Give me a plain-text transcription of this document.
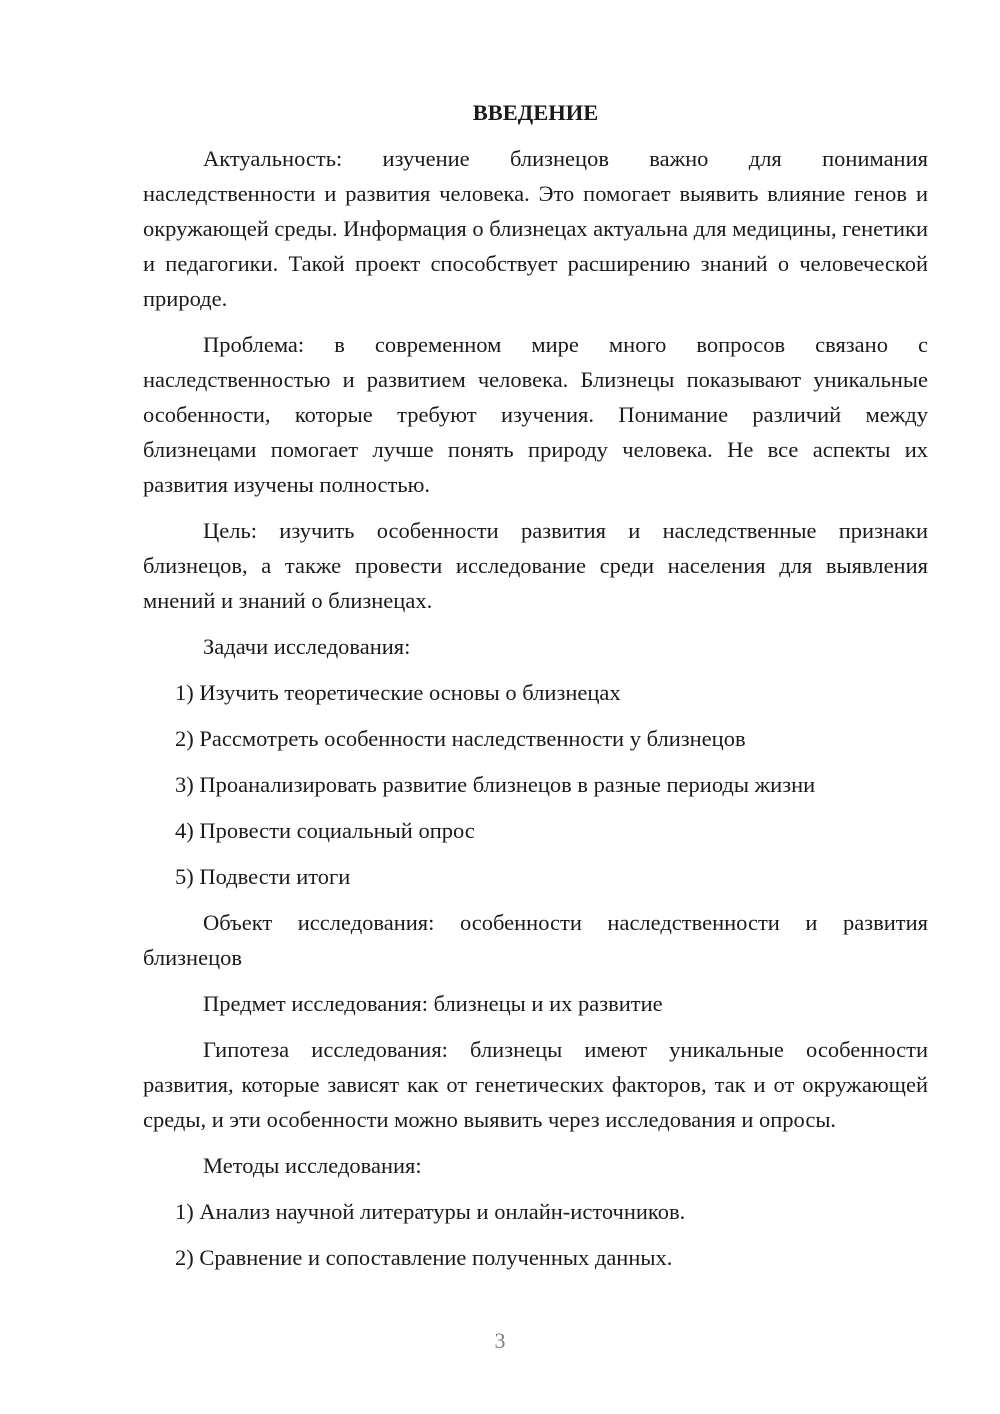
ВВЕДЕНИЕ

Актуальность: изучение близнецов важно для понимания наследственности и развития человека. Это помогает выявить влияние генов и окружающей среды. Информация о близнецах актуальна для медицины, генетики и педагогики. Такой проект способствует расширению знаний о человеческой природе.

Проблема: в современном мире много вопросов связано с наследственностью и развитием человека. Близнецы показывают уникальные особенности, которые требуют изучения. Понимание различий между близнецами помогает лучше понять природу человека. Не все аспекты их развития изучены полностью.

Цель: изучить особенности развития и наследственные признаки близнецов, а также провести исследование среди населения для выявления мнений и знаний о близнецах.

Задачи исследования:

1) Изучить теоретические основы о близнецах

2) Рассмотреть особенности наследственности у близнецов

3) Проанализировать развитие близнецов в разные периоды жизни

4) Провести социальный опрос

5) Подвести итоги

Объект исследования: особенности наследственности и развития близнецов

Предмет исследования: близнецы и их развитие

Гипотеза исследования: близнецы имеют уникальные особенности развития, которые зависят как от генетических факторов, так и от окружающей среды, и эти особенности можно выявить через исследования и опросы.

Методы исследования:

1) Анализ научной литературы и онлайн-источников.

2) Сравнение и сопоставление полученных данных.

3
